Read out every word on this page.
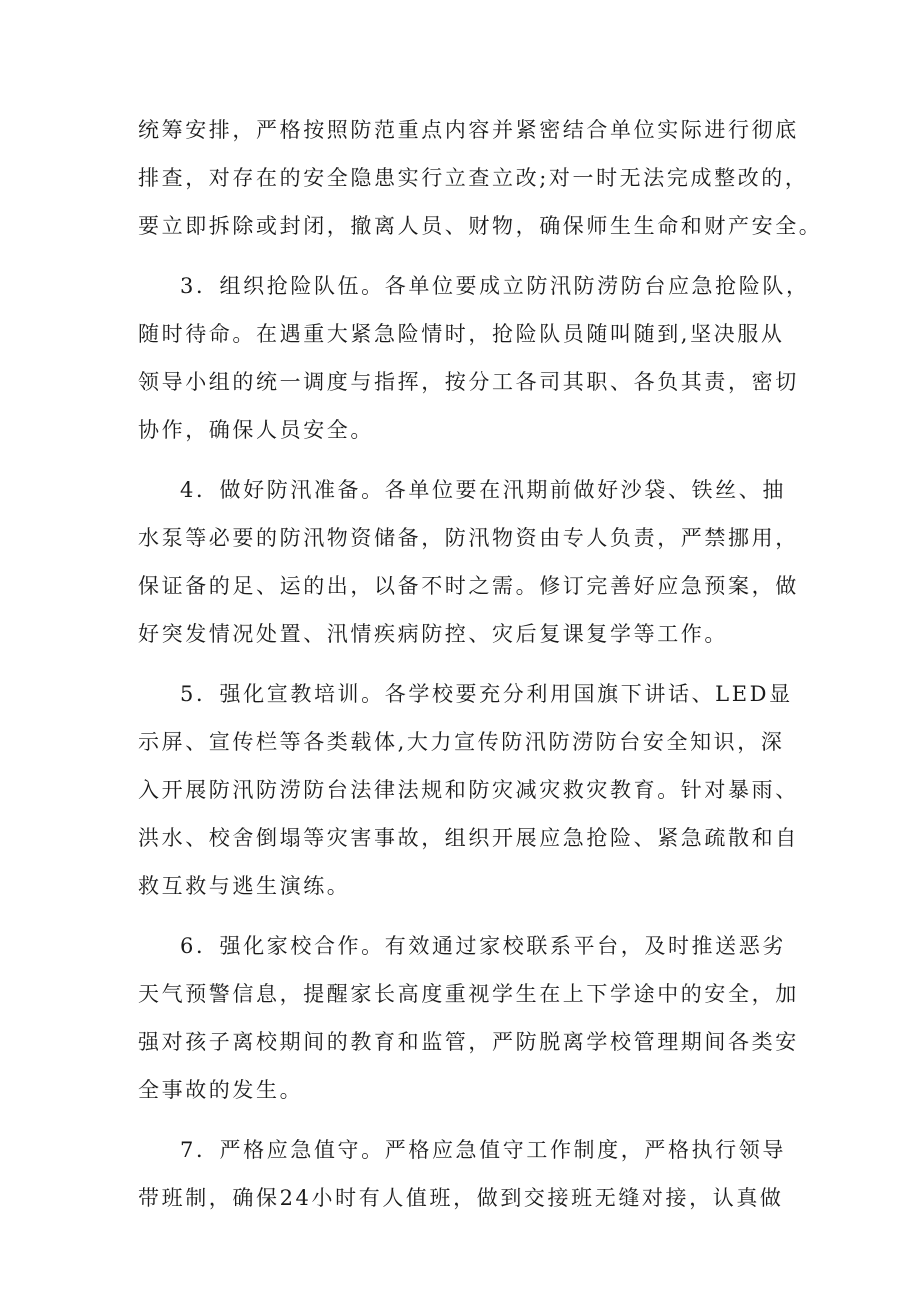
统筹安排，严格按照防范重点内容并紧密结合单位实际进行彻底
排查，对存在的安全隐患实行立查立改;对一时无法完成整改的，
要立即拆除或封闭，撤离人员、财物，确保师生生命和财产安全。
3．组织抢险队伍。各单位要成立防汛防涝防台应急抢险队，
随时待命。在遇重大紧急险情时，抢险队员随叫随到,坚决服从
领导小组的统一调度与指挥，按分工各司其职、各负其责，密切
协作，确保人员安全。
4．做好防汛准备。各单位要在汛期前做好沙袋、铁丝、抽
水泵等必要的防汛物资储备，防汛物资由专人负责，严禁挪用，
保证备的足、运的出，以备不时之需。修订完善好应急预案，做
好突发情况处置、汛情疾病防控、灾后复课复学等工作。
5．强化宣教培训。各学校要充分利用国旗下讲话、LED显
示屏、宣传栏等各类载体,大力宣传防汛防涝防台安全知识，深
入开展防汛防涝防台法律法规和防灾减灾救灾教育。针对暴雨、
洪水、校舍倒塌等灾害事故，组织开展应急抢险、紧急疏散和自
救互救与逃生演练。
6．强化家校合作。有效通过家校联系平台，及时推送恶劣
天气预警信息，提醒家长高度重视学生在上下学途中的安全，加
强对孩子离校期间的教育和监管，严防脱离学校管理期间各类安
全事故的发生。
7．严格应急值守。严格应急值守工作制度，严格执行领导
带班制，确保24小时有人值班，做到交接班无缝对接，认真做
